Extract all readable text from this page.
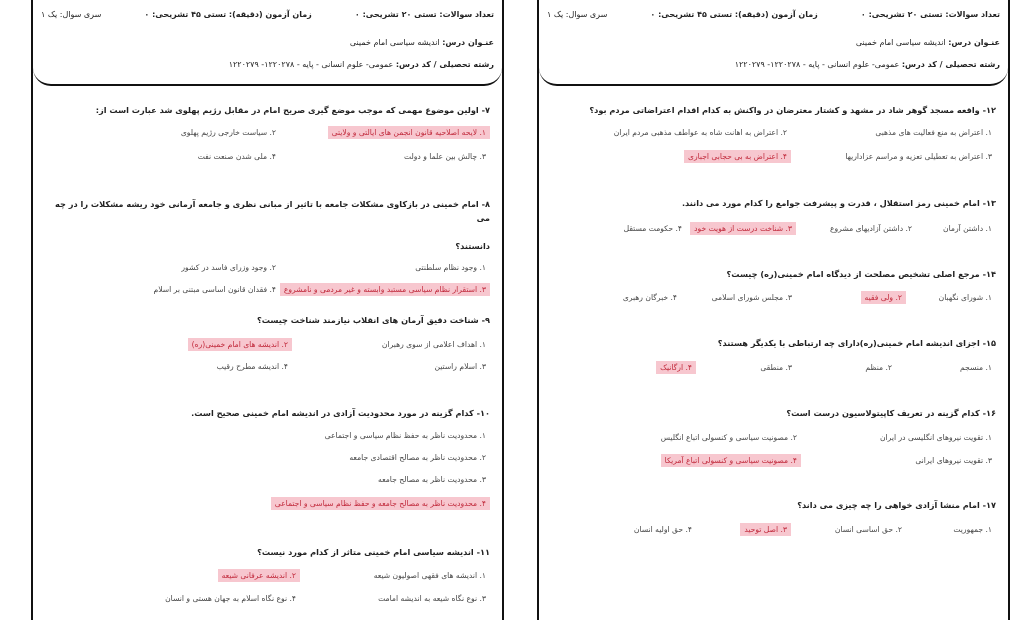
تعداد سوالات: تستی ۲۰ تشریحی: ۰
زمان آزمون (دقیقه): تستی ۴۵ تشریحی: ۰
سری سوال: یک ۱
عنـوان درس: اندیشه سیاسی امام خمینی
رشته تحصیلی / کد درس: عمومی- علوم انسانی - پایه - ۱۲۲۰۲۷۸- ۱۲۲۰۲۷۹
۷- اولین موضوع مهمی که موجب موضع گیری صریح امام در مقابل رژیم پهلوی شد عبارت است از:
۱. لایحه اصلاحیه قانون انجمن های ایالتی و ولایتی
۲. سیاست خارجی رژیم پهلوی
۳. چالش بین علما و دولت
۴. ملی شدن صنعت نفت
۸- امام خمینی در بازکاوی مشکلات جامعه با تاثیر از مبانی نظری و جامعه آرمانی خود ریشه مشکلات را در چه می
دانستند؟
۱. وجود نظام سلطنتی
۲. وجود وزرای فاسد در کشور
۳. استقرار نظام سیاسی مستبد وابسته و غیر مردمی و نامشروع
۴. فقدان قانون اساسی مبتنی بر اسلام
۹- شناخت دقیق آرمان های انقلاب نیازمند شناخت چیست؟
۱. اهداف اعلامی از سوی رهبران
۲. اندیشه های امام خمینی(ره)
۳. اسلام راستین
۴. اندیشه مطرح رقیب
۱۰- کدام گزینه در مورد محدودیت آزادی در اندیشه امام خمینی صحیح است.
۱. محدودیت ناظر به حفظ نظام سیاسی و اجتماعی
۲. محدودیت ناظر به مصالح اقتصادی جامعه
۳. محدودیت ناظر به مصالح جامعه
۴. محدودیت ناظر به مصالح جامعه و حفظ نظام سیاسی و اجتماعی
۱۱- اندیشه سیاسی امام خمینی متاثر از کدام مورد نیست؟
۱. اندیشه های فقهی اصولیون شیعه
۲. اندیشه عرفانی شیعه
۳. نوع نگاه شیعه به اندیشه امامت
۴. نوع نگاه اسلام به جهان هستی و انسان
تعداد سوالات: تستی ۲۰ تشریحی: ۰
زمان آزمون (دقیقه): تستی ۴۵ تشریحی: ۰
سری سوال: یک ۱
عنـوان درس: اندیشه سیاسی امام خمینی
رشته تحصیلی / کد درس: عمومی- علوم انسانی - پایه - ۱۲۲۰۲۷۸- ۱۲۲۰۲۷۹
۱۲- واقعه مسجد گوهر شاد در مشهد و کشتار معترضان در واکنش به کدام اقدام اعتراضاتی مردم بود؟
۱. اعتراض به منع فعالیت های مذهبی
۲. اعتراض به اهانت شاه به عواطف مذهبی مردم ایران
۳. اعتراض به تعطیلی تعزیه و مراسم عزاداریها
۴. اعتراض به بی حجابی اجباری
۱۳- امام خمینی رمز استقلال ، قدرت و پیشرفت جوامع را کدام مورد می دانند.
۱. داشتن آرمان
۲. داشتن آزادیهای مشروع
۳. شناخت درست از هویت خود
۴. حکومت مستقل
۱۴- مرجع اصلی تشخیص مصلحت از دیدگاه امام خمینی(ره) چیست؟
۱. شورای نگهبان
۲. ولی فقیه
۳. مجلس شورای اسلامی
۴. خبرگان رهبری
۱۵- اجزای اندیشه امام خمینی(ره)دارای چه ارتباطی با یکدیگر هستند؟
۱. منسجم
۲. منظم
۳. منطقی
۴. ارگانیک
۱۶- کدام گزینه در تعریف کاپیتولاسیون درست است؟
۱. تقویت نیروهای انگلیسی در ایران
۲. مصونیت سیاسی و کنسولی اتباع انگلیس
۳. تقویت نیروهای ایرانی
۴. مصونیت سیاسی و کنسولی اتباع آمریکا
۱۷- امام منشا آزادی خواهی را چه چیزی می داند؟
۱. جمهوریت
۲. حق اساسی انسان
۳. اصل توحید
۴. حق اولیه انسان
